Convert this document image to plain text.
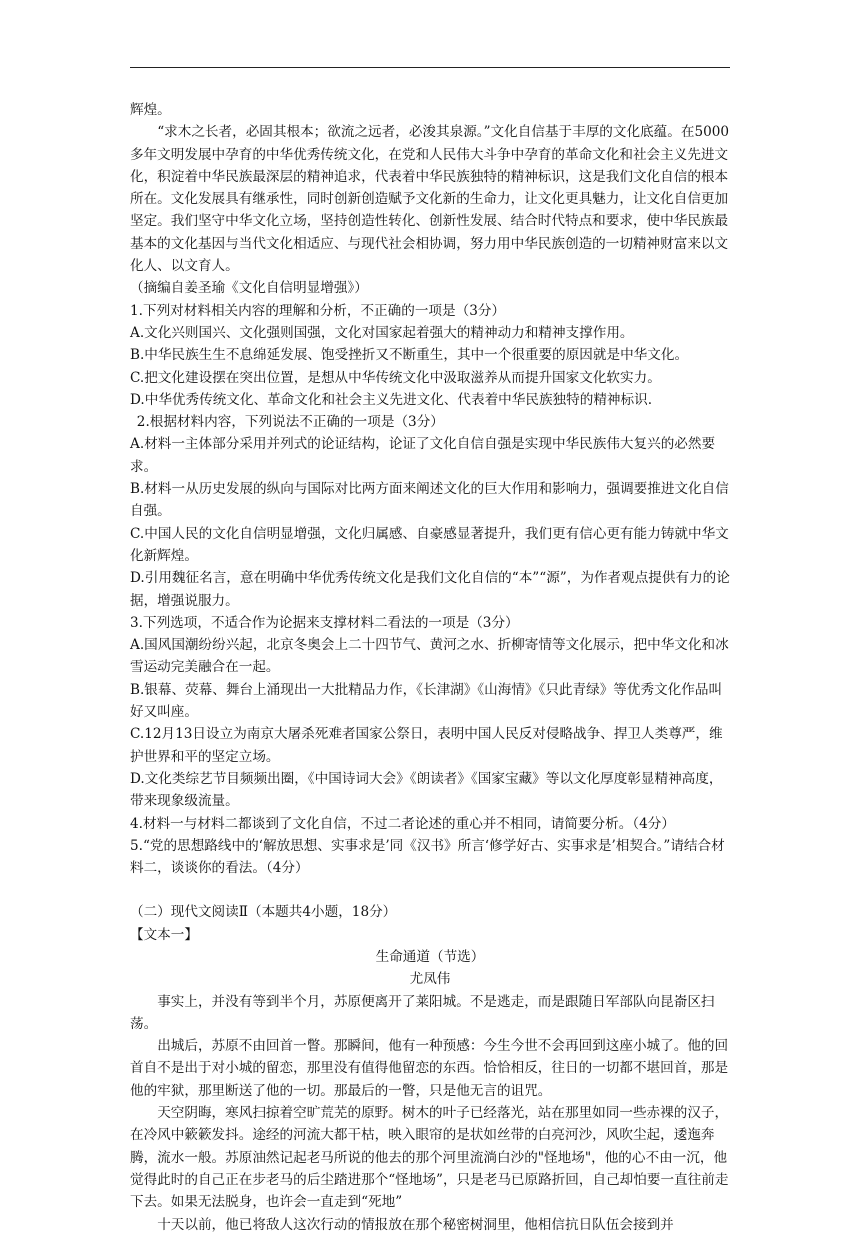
辉煌。

“求木之长者，必固其根本；欲流之远者，必浚其泉源。”文化自信基于丰厚的文化底蕴。在5000多年文明发展中孕育的中华优秀传统文化，在党和人民伟大斗争中孕育的革命文化和社会主义先进文化，积淀着中华民族最深层的精神追求，代表着中华民族独特的精神标识，这是我们文化自信的根本所在。文化发展具有继承性，同时创新创造赋予文化新的生命力，让文化更具魅力，让文化自信更加坚定。我们坚守中华文化立场，坚持创造性转化、创新性发展、结合时代特点和要求，使中华民族最基本的文化基因与当代文化相适应、与现代社会相协调，努力用中华民族创造的一切精神财富来以文化人、以文育人。

（摘编自姜圣瑜《文化自信明显增强》）

1.下列对材料相关内容的理解和分析，不正确的一项是（3分）

A.文化兴则国兴、文化强则国强，文化对国家起着强大的精神动力和精神支撑作用。

B.中华民族生生不息绵延发展、饱受挫折又不断重生，其中一个很重要的原因就是中华文化。

C.把文化建设摆在突出位置，是想从中华传统文化中汲取滋养从而提升国家文化软实力。

D.中华优秀传统文化、革命文化和社会主义先进文化、代表着中华民族独特的精神标识.

2.根据材料内容，下列说法不正确的一项是（3分）

A.材料一主体部分采用并列式的论证结构，论证了文化自信自强是实现中华民族伟大复兴的必然要求。

B.材料一从历史发展的纵向与国际对比两方面来阐述文化的巨大作用和影响力，强调要推进文化自信自强。

C.中国人民的文化自信明显增强，文化归属感、自豪感显著提升，我们更有信心更有能力铸就中华文化新辉煌。

D.引用魏征名言，意在明确中华优秀传统文化是我们文化自信的“本”“源”，为作者观点提供有力的论据，增强说服力。

3.下列选项，不适合作为论据来支撑材料二看法的一项是（3分）

A.国风国潮纷纷兴起，北京冬奥会上二十四节气、黄河之水、折柳寄情等文化展示，把中华文化和冰雪运动完美融合在一起。

B.银幕、荧幕、舞台上涌现出一大批精品力作，《长津湖》《山海情》《只此青绿》等优秀文化作品叫好又叫座。

C.12月13日设立为南京大屠杀死难者国家公祭日，表明中国人民反对侵略战争、捍卫人类尊严，维护世界和平的坚定立场。

D.文化类综艺节目频频出圈，《中国诗词大会》《朗读者》《国家宝藏》等以文化厚度彰显精神高度，带来现象级流量。

4.材料一与材料二都谈到了文化自信，不过二者论述的重心并不相同，请简要分析。（4分）

5.“党的思想路线中的‘解放思想、实事求是’同《汉书》所言‘修学好古、实事求是’相契合。”请结合材料二，谈谈你的看法。（4分）

（二）现代文阅读Ⅱ（本题共4小题，18分）

【文本一】

生命通道（节选）

尤凤伟

事实上，并没有等到半个月，苏原便离开了莱阳城。不是逃走，而是跟随日军部队向昆嵛区扫荡。

出城后，苏原不由回首一瞥。那瞬间，他有一种预感：今生今世不会再回到这座小城了。他的回首自不是出于对小城的留恋，那里没有值得他留恋的东西。恰恰相反，往日的一切都不堪回首，那是他的牢狱，那里断送了他的一切。那最后的一瞥，只是他无言的诅咒。

天空阴晦，寒风扫掠着空旷荒芜的原野。树木的叶子已经落光，站在那里如同一些赤裸的汉子，在冷风中簌簌发抖。途经的河流大都干枯，映入眼帘的是状如丝带的白亮河沙，风吹尘起，逶迤奔腾，流水一般。苏原油然记起老马所说的他去的那个河里流淌白沙的"怪地场"，他的心不由一沉，他觉得此时的自己正在步老马的后尘踏进那个“怪地场”，只是老马已原路折回，自己却怕要一直往前走下去。如果无法脱身，也许会一直走到“死地”

十天以前，他已将敌人这次行动的情报放在那个秘密树洞里，他相信抗日队伍会接到并
